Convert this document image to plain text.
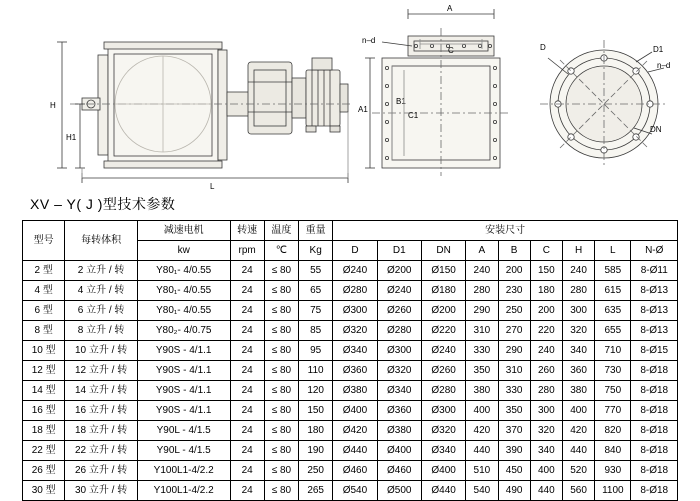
H
H1
L
A
C
n–d
A1
B1
C1
D	D1
n–d
DN
XV – Y( J )型技术参数
型号	每转体积	减速电机	转速	温度	重量	安装尺寸								
		kw	rpm	℃	Kg	D	D1	DN	A	B	C	H	L	N-Ø
2 型	2 立升 / 转	Y80₁- 4/0.55	24	≤ 80	55	Ø240	Ø200	Ø150	240	200	150	240	585	8-Ø11
4 型	4 立升 / 转	Y80₁- 4/0.55	24	≤ 80	65	Ø280	Ø240	Ø180	280	230	180	280	615	8-Ø13
6 型	6 立升 / 转	Y80₁- 4/0.55	24	≤ 80	75	Ø300	Ø260	Ø200	290	250	200	300	635	8-Ø13
8 型	8 立升 / 转	Y80₂- 4/0.75	24	≤ 80	85	Ø320	Ø280	Ø220	310	270	220	320	655	8-Ø13
10 型	10 立升 / 转	Y90S - 4/1.1	24	≤ 80	95	Ø340	Ø300	Ø240	330	290	240	340	710	8-Ø15
12 型	12 立升 / 转	Y90S - 4/1.1	24	≤ 80	110	Ø360	Ø320	Ø260	350	310	260	360	730	8-Ø18
14 型	14 立升 / 转	Y90S - 4/1.1	24	≤ 80	120	Ø380	Ø340	Ø280	380	330	280	380	750	8-Ø18
16 型	16 立升 / 转	Y90S - 4/1.1	24	≤ 80	150	Ø400	Ø360	Ø300	400	350	300	400	770	8-Ø18
18 型	18 立升 / 转	Y90L - 4/1.5	24	≤ 80	180	Ø420	Ø380	Ø320	420	370	320	420	820	8-Ø18
22 型	22 立升 / 转	Y90L - 4/1.5	24	≤ 80	190	Ø440	Ø400	Ø340	440	390	340	440	840	8-Ø18
26 型	26 立升 / 转	Y100L1-4/2.2	24	≤ 80	250	Ø460	Ø460	Ø400	510	450	400	520	930	8-Ø18
30 型	30 立升 / 转	Y100L1-4/2.2	24	≤ 80	265	Ø540	Ø500	Ø440	540	490	440	560	1100	8-Ø18
